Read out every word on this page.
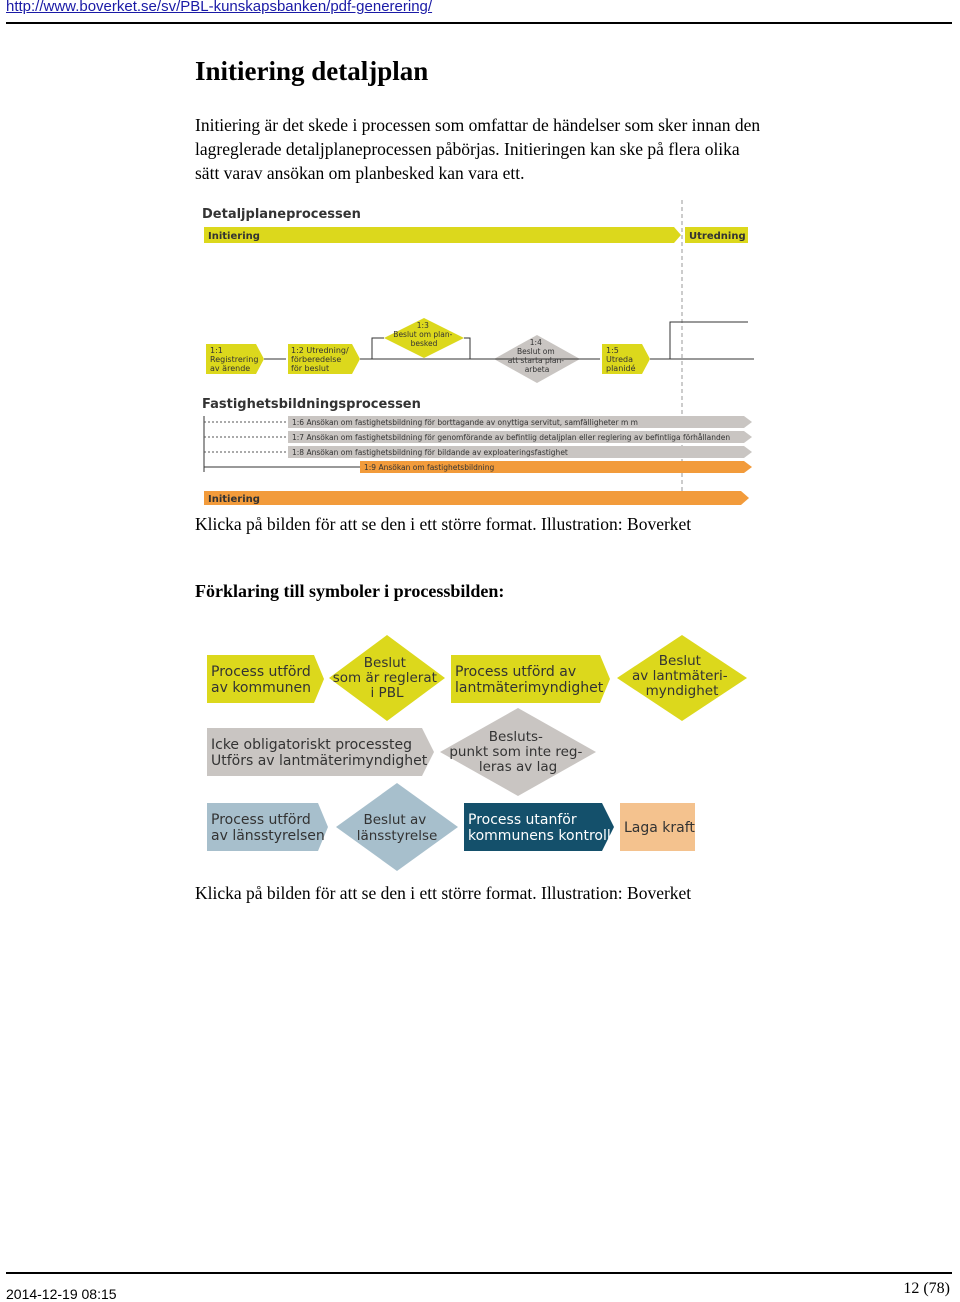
http://www.boverket.se/sv/PBL-kunskapsbanken/pdf-generering/
Initiering detaljplan

Initiering är det skede i processen som omfattar de händelser som sker innan den lagreglerade detaljplaneprocessen påbörjas. Initieringen kan ske på flera olika sätt varav ansökan om planbesked kan vara ett.

Detaljplaneprocessen
Initiering	Utredning
1:1 Registrering av ärende
1:2 Utredning/ förberedelse för beslut
1:3 Beslut om plan- besked	1:4 Beslut om att starta plan- arbeta
1:5 Utreda planidé
Fastighetsbildningsprocessen
1:6 Ansökan om fastighetsbildning för borttagande av onyttiga servitut, samfälligheter m m
1:7 Ansökan om fastighetsbildning för genomförande av befintlig detaljplan eller reglering av befintliga förhållanden
1:8 Ansökan om fastighetsbildning för bildande av exploateringsfastighet
1:9 Ansökan om fastighetsbildning
Initiering

Klicka på bilden för att se den i ett större format. Illustration: Boverket

Förklaring till symboler i processbilden:
Process utförd av kommunen
Beslut som är reglerat i PBL
Process utförd av lantmäterimyndighet
Beslut av lantmäteri- myndighet
Icke obligatoriskt processteg Utförs av lantmäterimyndighet
Besluts- punkt som inte reg- leras av lag
Process utförd av länsstyrelsen
Beslut av länsstyrelse
Process utanför kommunens kontroll Laga kraft

Klicka på bilden för att se den i ett större format. Illustration: Boverket

2014-12-19 08:15	12 (78)
